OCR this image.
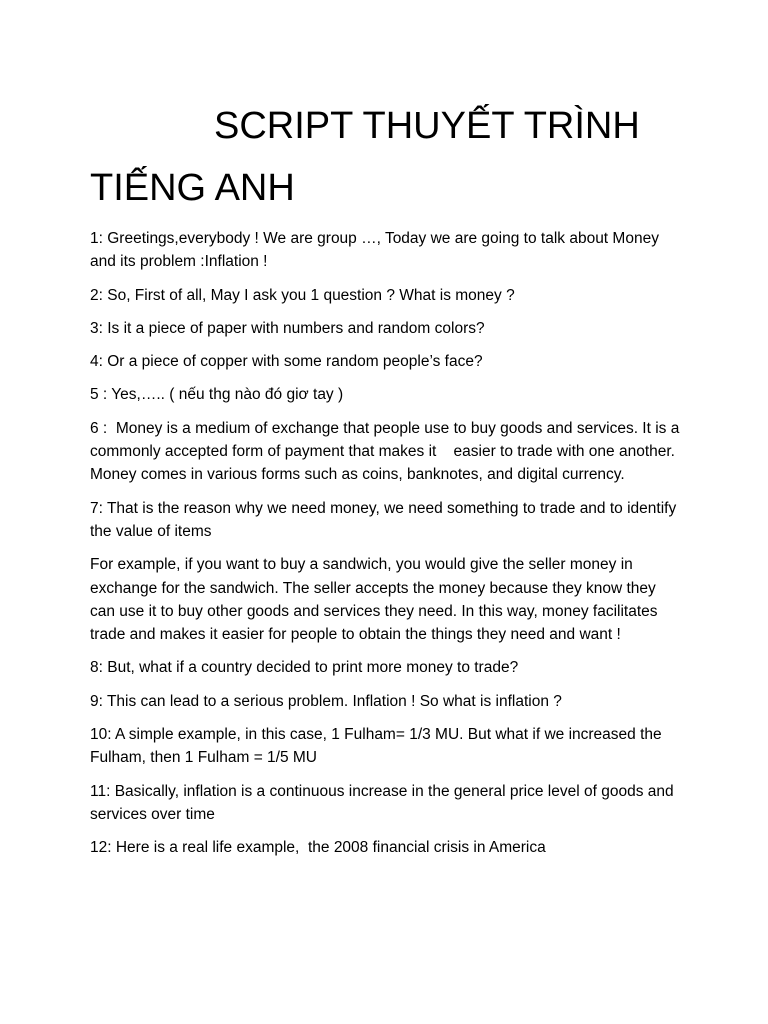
SCRIPT THUYẾT TRÌNH
TIẾNG ANH

1: Greetings,everybody ! We are group …, Today we are going to talk about Money and its problem :Inflation !

2: So, First of all, May I ask you 1 question ? What is money ?

3: Is it a piece of paper with numbers and random colors?

4: Or a piece of copper with some random people’s face?

5 : Yes,….. ( nếu thg nào đó giơ tay )

6 :  Money is a medium of exchange that people use to buy goods and services. It is a commonly accepted form of payment that makes it    easier to trade with one another. Money comes in various forms such as coins, banknotes, and digital currency.

7: That is the reason why we need money, we need something to trade and to identify the value of items

For example, if you want to buy a sandwich, you would give the seller money in exchange for the sandwich. The seller accepts the money because they know they can use it to buy other goods and services they need. In this way, money facilitates trade and makes it easier for people to obtain the things they need and want !

8: But, what if a country decided to print more money to trade?

9: This can lead to a serious problem. Inflation ! So what is inflation ?

10: A simple example, in this case, 1 Fulham= 1/3 MU. But what if we increased the Fulham, then 1 Fulham = 1/5 MU

11: Basically, inflation is a continuous increase in the general price level of goods and services over time

12: Here is a real life example,  the 2008 financial crisis in America
